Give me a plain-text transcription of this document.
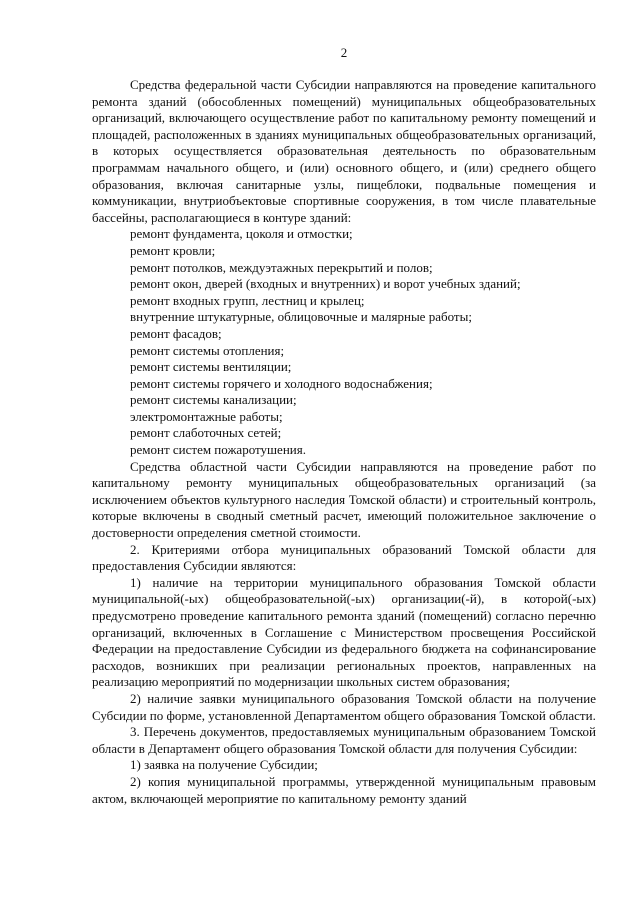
2

Средства федеральной части Субсидии направляются на проведение капитального ремонта зданий (обособленных помещений) муниципальных общеобразовательных организаций, включающего осуществление работ по капитальному ремонту помещений и площадей, расположенных в зданиях муниципальных общеобразовательных организаций, в которых осуществляется образовательная деятельность по образовательным программам начального общего, и (или) основного общего, и (или) среднего общего образования, включая санитарные узлы, пищеблоки, подвальные помещения и коммуникации, внутриобъектовые спортивные сооружения, в том числе плавательные бассейны, располагающиеся в контуре зданий:

ремонт фундамента, цоколя и отмостки;

ремонт кровли;

ремонт потолков, междуэтажных перекрытий и полов;

ремонт окон, дверей (входных и внутренних) и ворот учебных зданий;

ремонт входных групп, лестниц и крылец;

внутренние штукатурные, облицовочные и малярные работы;

ремонт фасадов;

ремонт системы отопления;

ремонт системы вентиляции;

ремонт системы горячего и холодного водоснабжения;

ремонт системы канализации;

электромонтажные работы;

ремонт слаботочных сетей;

ремонт систем пожаротушения.

Средства областной части Субсидии направляются на проведение работ по капитальному ремонту муниципальных общеобразовательных организаций (за исключением объектов культурного наследия Томской области) и строительный контроль, которые включены в сводный сметный расчет, имеющий положительное заключение о достоверности определения сметной стоимости.

2. Критериями отбора муниципальных образований Томской области для предоставления Субсидии являются:

1) наличие на территории муниципального образования Томской области муниципальной(-ых) общеобразовательной(-ых) организации(-й), в которой(-ых) предусмотрено проведение капитального ремонта зданий (помещений) согласно перечню организаций, включенных в Соглашение с Министерством просвещения Российской Федерации на предоставление Субсидии из федерального бюджета на софинансирование расходов, возникших при реализации региональных проектов, направленных на реализацию мероприятий по модернизации школьных систем образования;

2) наличие заявки муниципального образования Томской области на получение Субсидии по форме, установленной Департаментом общего образования Томской области.

3. Перечень документов, предоставляемых муниципальным образованием Томской области в Департамент общего образования Томской области для получения Субсидии:

1) заявка на получение Субсидии;

2) копия муниципальной программы, утвержденной муниципальным правовым актом, включающей мероприятие по капитальному ремонту зданий
